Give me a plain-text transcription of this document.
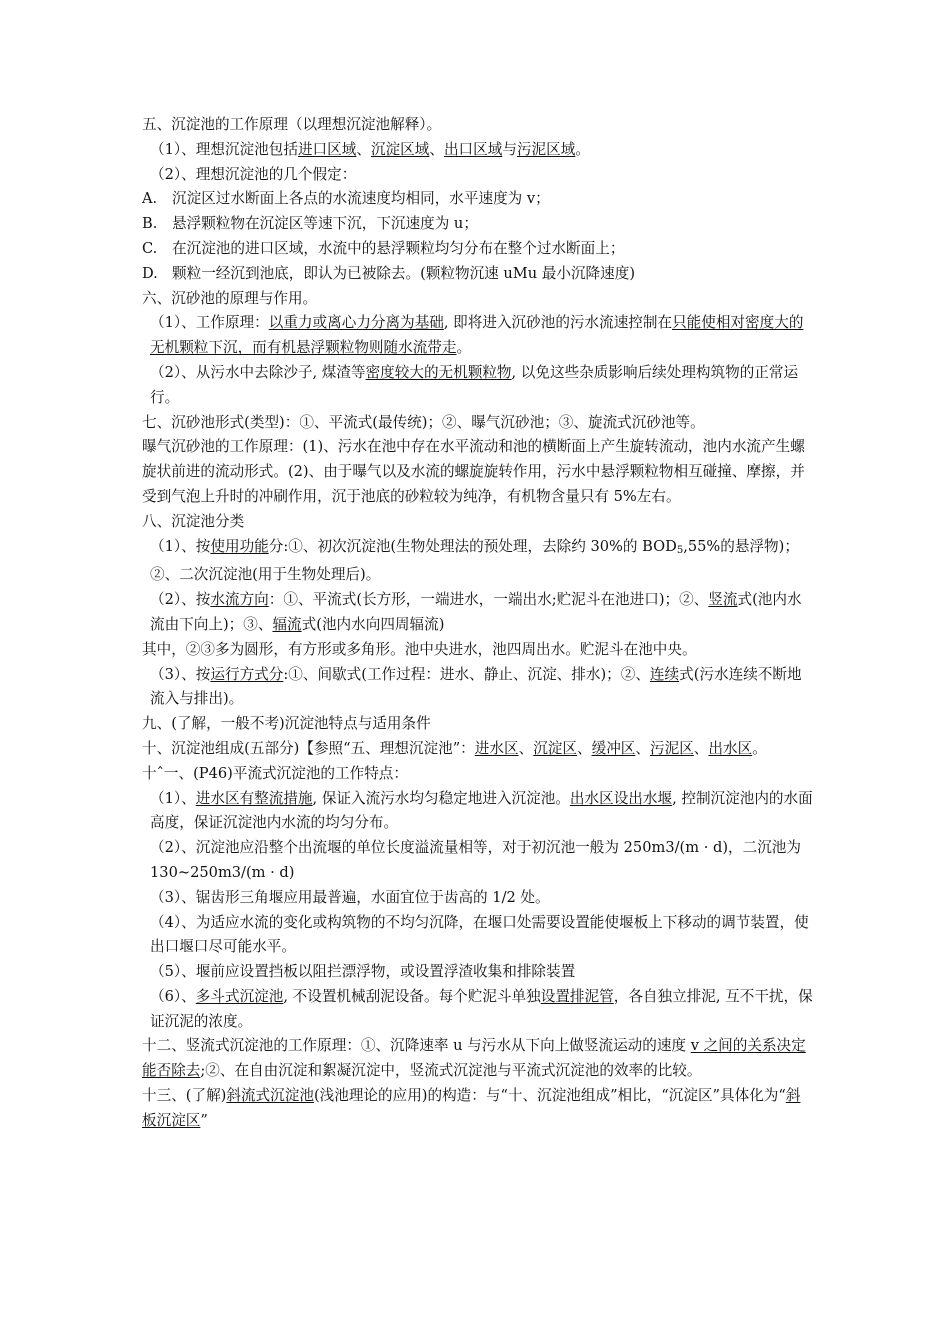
五、沉淀池的工作原理（以理想沉淀池解释）。

（1）、理想沉淀池包括进口区域、沉淀区域、出口区域与污泥区域。

（2）、理想沉淀池的几个假定：

A.	沉淀区过水断面上各点的水流速度均相同，水平速度为 v；
B.	悬浮颗粒物在沉淀区等速下沉，下沉速度为 u；
C.	在沉淀池的进口区域，水流中的悬浮颗粒均匀分布在整个过水断面上；
D. 颗粒一经沉到池底，即认为已被除去。(颗粒物沉速 uMu 最小沉降速度)

六、沉砂池的原理与作用。

（1）、工作原理：以重力或离心力分离为基础, 即将进入沉砂池的污水流速控制在只能使相对密度大的无机颗粒下沉，而有机悬浮颗粒物则随水流带走。

（2）、从污水中去除沙子, 煤渣等密度较大的无机颗粒物, 以免这些杂质影响后续处理构筑物的正常运行。

七、沉砂池形式(类型)：①、平流式(最传统)；②、曝气沉砂池；③、旋流式沉砂池等。

曝气沉砂池的工作原理：(1)、污水在池中存在水平流动和池的横断面上产生旋转流动，池内水流产生螺旋状前进的流动形式。(2)、由于曝气以及水流的螺旋旋转作用，污水中悬浮颗粒物相互碰撞、摩擦，并受到气泡上升时的冲刷作用，沉于池底的砂粒较为纯净，有机物含量只有 5%左右。

八、沉淀池分类

（1）、按使用功能分:①、初次沉淀池(生物处理法的预处理，去除约 30%的 $BOD_5,55\%$的悬浮物)；②、二次沉淀池(用于生物处理后)。

（2）、按水流方向：①、平流式(长方形，一端进水，一端出水;贮泥斗在池进口)；②、竖流式(池内水流由下向上)；③、辐流式(池内水向四周辐流)

其中，②③多为圆形，有方形或多角形。池中央进水，池四周出水。贮泥斗在池中央。

（3）、按运行方式分:①、间歇式(工作过程：进水、静止、沉淀、排水)；②、连续式(污水连续不断地流入与排出)。

九、(了解，一般不考)沉淀池特点与适用条件

十、沉淀池组成(五部分)【参照“五、理想沉淀池”：进水区、沉淀区、缓冲区、污泥区、出水区。

十ˆ一、(P46)平流式沉淀池的工作特点：

（1）、进水区有整流措施, 保证入流污水均匀稳定地进入沉淀池。出水区设出水堰, 控制沉淀池内的水面高度，保证沉淀池内水流的均匀分布。

（2）、沉淀池应沿整个出流堰的单位长度溢流量相等，对于初沉池一般为 250m3/(m · d)，二沉池为 130~250m3/(m · d)

（3）、锯齿形三角堰应用最普遍，水面宜位于齿高的 1/2 处。

（4）、为适应水流的变化或构筑物的不均匀沉降，在堰口处需要设置能使堰板上下移动的调节装置，使出口堰口尽可能水平。

（5）、堰前应设置挡板以阻拦漂浮物，或设置浮渣收集和排除装置

（6）、多斗式沉淀池, 不设置机械刮泥设备。每个贮泥斗单独设置排泥管，各自独立排泥, 互不干扰，保证沉泥的浓度。

十二、竖流式沉淀池的工作原理：①、沉降速率 u 与污水从下向上做竖流运动的速度 v 之间的关系决定能否除去;②、在自由沉淀和絮凝沉淀中，竖流式沉淀池与平流式沉淀池的效率的比较。

十三、(了解)斜流式沉淀池(浅池理论的应用)的构造：与“十、沉淀池组成”相比，“沉淀区”具体化为“斜板沉淀区”
